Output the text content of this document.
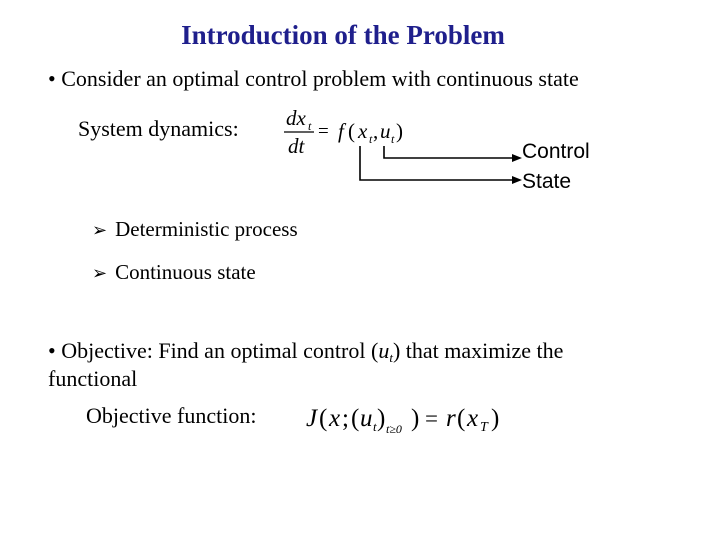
Introduction of the Problem
• Consider an optimal control problem with continuous state
System dynamics: dx t
dt
= f ( x t , u t )
Control
State
➢ Deterministic process
➢ Continuous state
• Objective: Find an optimal control (ut) that maximize the
functional
Objective function: J ( x ; ( u t ) t≥0 ) = r ( x T )
